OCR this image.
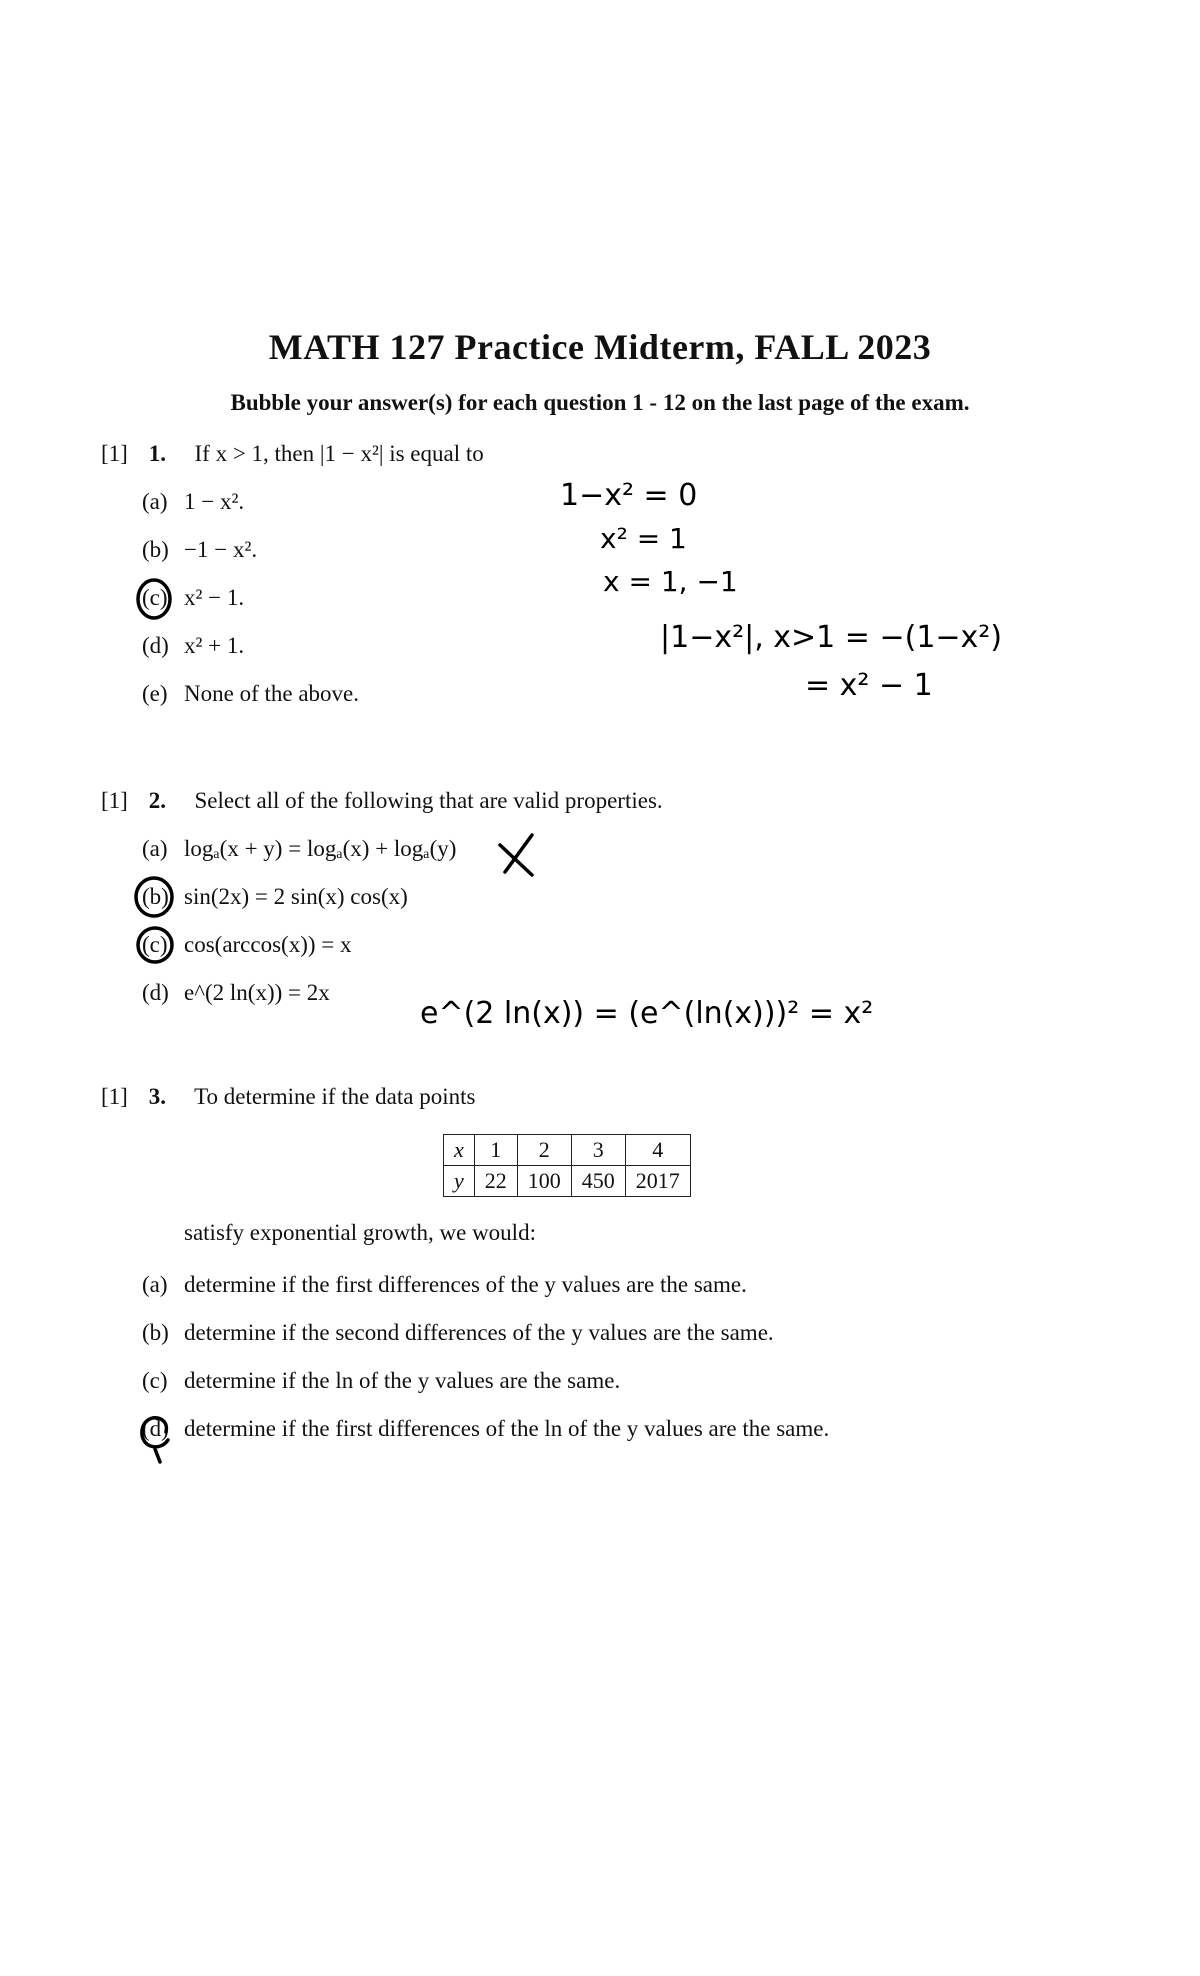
MATH 127 Practice Midterm, FALL 2023
Bubble your answer(s) for each question 1 - 12 on the last page of the exam.
[1] 1. If x > 1, then |1 − x²| is equal to
(a) 1 − x².
(b) −1 − x².
(c) x² − 1.
(d) x² + 1.
(e) None of the above.
[1] 2. Select all of the following that are valid properties.
(a) logₐ(x + y) = logₐ(x) + logₐ(y)
(b) sin(2x) = 2 sin(x) cos(x)
(c) cos(arccos(x)) = x
(d) e^(2 ln(x)) = 2x
[1] 3. To determine if the data points
x	1	2	3	4
y	22	100	450	2017
satisfy exponential growth, we would:
(a) determine if the first differences of the y values are the same.
(b) determine if the second differences of the y values are the same.
(c) determine if the ln of the y values are the same.
(d) determine if the first differences of the ln of the y values are the same.
1−x² = 0
x² = 1
x = 1, −1
|1−x²|, x>1 = −(1−x²)
= x² − 1
e^(2 ln(x)) = (e^(ln(x)))² = x²
